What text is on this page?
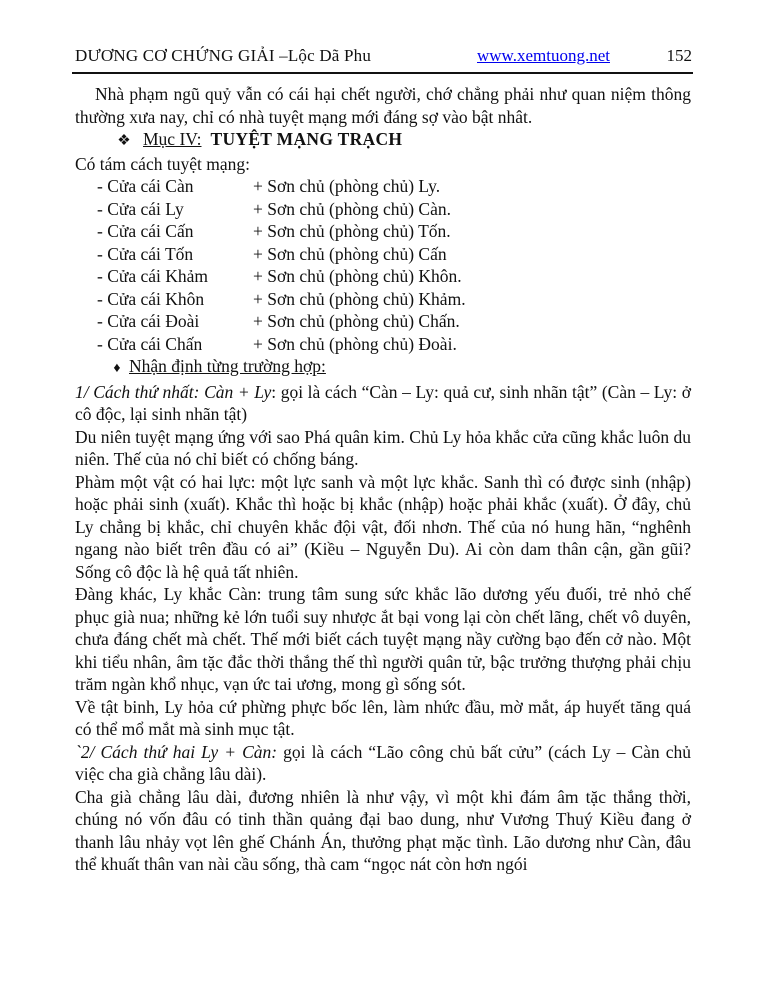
DƯƠNG CƠ CHỨNG GIẢI –Lộc Dã Phu	www.xemtuong.net	152

Nhà phạm ngũ quỷ vẫn có cái hại chết người, chớ chẳng phải như quan niệm thông thường xưa nay, chỉ có nhà tuyệt mạng mới đáng sợ vào bật nhât.

❖ Mục IV: TUYỆT MẠNG TRẠCH

Có tám cách tuyệt mạng:

- Cửa cái Càn	+ Sơn chủ (phòng chủ) Ly.
- Cửa cái Ly	+ Sơn chủ (phòng chủ) Càn.
- Cửa cái Cấn	+ Sơn chủ (phòng chủ) Tốn.
- Cửa cái Tốn	+ Sơn chủ (phòng chủ) Cấn
- Cửa cái Khảm	+ Sơn chủ (phòng chủ) Khôn.
- Cửa cái Khôn	+ Sơn chủ (phòng chủ) Khảm.
- Cửa cái Đoài	+ Sơn chủ (phòng chủ) Chấn.
- Cửa cái Chấn	+ Sơn chủ (phòng chủ) Đoài.
♦ Nhận định từng trường hợp:

1/ Cách thứ nhất: Càn + Ly: gọi là cách “Càn – Ly: quả cư, sinh nhãn tật” (Càn – Ly: ở cô độc, lại sinh nhãn tật)

Du niên tuyệt mạng ứng với sao Phá quân kim. Chủ Ly hỏa khắc cửa cũng khắc luôn du niên. Thế của nó chỉ biết có chống báng.

Phàm một vật có hai lực: một lực sanh và một lực khắc. Sanh thì có được sinh (nhập) hoặc phải sinh (xuất). Khắc thì hoặc bị khắc (nhập) hoặc phải khắc (xuất). Ở đây, chủ Ly chẳng bị khắc, chỉ chuyên khắc đội vật, đối nhơn. Thế của nó hung hãn, “nghênh ngang nào biết trên đầu có ai” (Kiều – Nguyễn Du). Ai còn dam thân cận, gần gũi? Sống cô độc là hệ quả tất nhiên.

Đàng khác, Ly khắc Càn: trung tâm sung sức khắc lão dương yếu đuối, trẻ nhỏ chế phục già nua; những kẻ lớn tuổi suy nhược ắt bại vong lại còn chết lãng, chết vô duyên, chưa đáng chết mà chết. Thế mới biết cách tuyệt mạng nầy cường bạo đến cở nào. Một khi tiểu nhân, âm tặc đắc thời thắng thế thì người quân tử, bậc trưởng thượng phải chịu trăm ngàn khổ nhục, vạn ức tai ương, mong gì sống sót.

Về tật binh, Ly hỏa cứ phừng phực bốc lên, làm nhức đầu, mờ mắt, áp huyết tăng quá có thể mổ mắt mà sinh mục tật.

`2/ Cách thứ hai Ly + Càn: gọi là cách “Lão công chủ bất cửu” (cách Ly – Càn chủ việc cha già chẳng lâu dài).

Cha già chẳng lâu dài, đương nhiên là như vậy, vì một khi đám âm tặc thắng thời, chúng nó vốn đâu có tinh thần quảng đại bao dung, như Vương Thuý Kiều đang ở thanh lâu nhảy vọt lên ghế Chánh Án, thưởng phạt mặc tình. Lão dương như Càn, đâu thể khuất thân van nài cầu sống, thà cam “ngọc nát còn hơn ngói
